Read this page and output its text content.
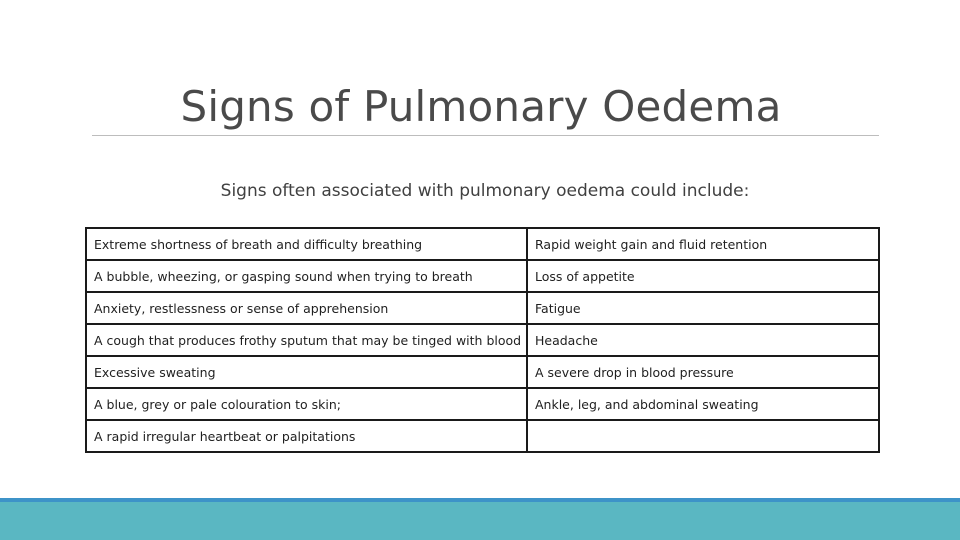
Signs of Pulmonary Oedema

Signs often associated with pulmonary oedema could include:

Extreme shortness of breath and difficulty breathing	Rapid weight gain and fluid retention
A bubble, wheezing, or gasping sound when trying to breath	Loss of appetite
Anxiety, restlessness or sense of apprehension	Fatigue
A cough that produces frothy sputum that may be tinged with blood	Headache
Excessive sweating	A severe drop in blood pressure
A blue, grey or pale colouration to skin;	Ankle, leg, and abdominal sweating
A rapid irregular heartbeat or palpitations	
